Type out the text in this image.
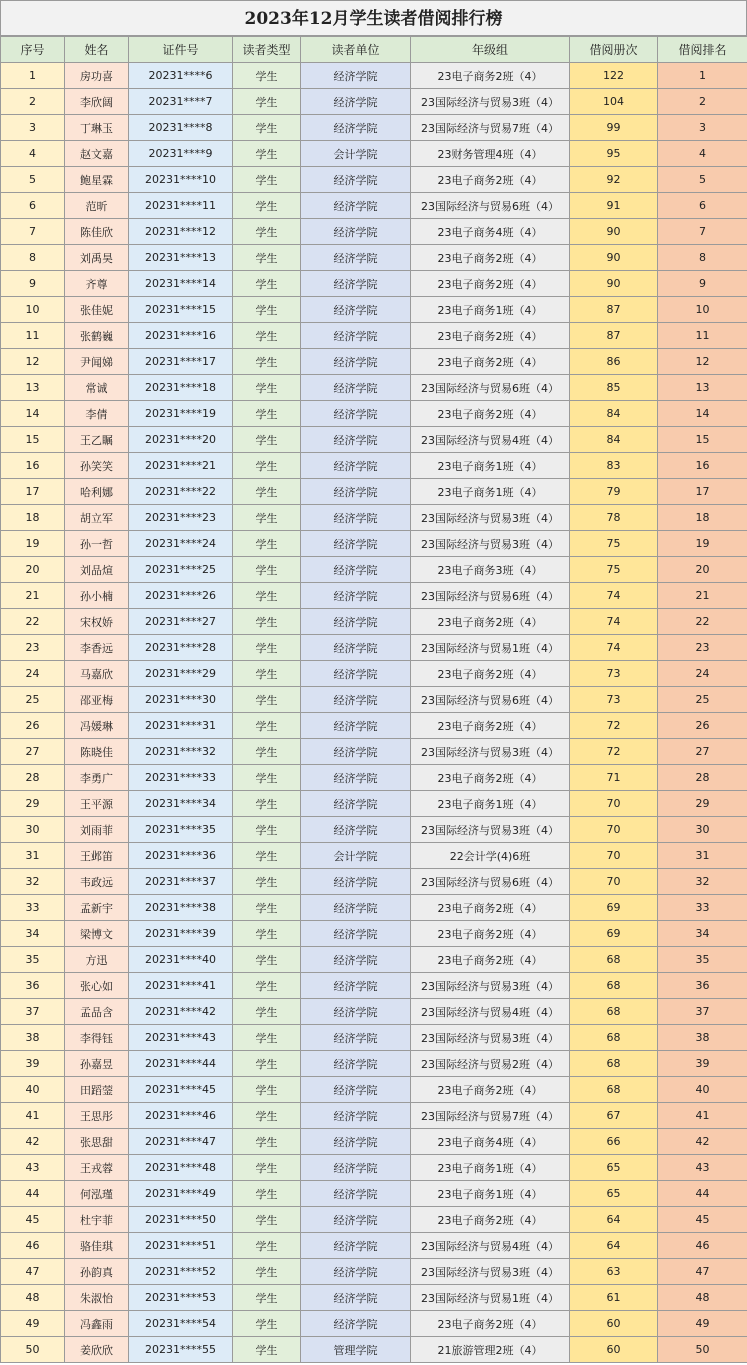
2023年12月学生读者借阅排行榜
序号	姓名	证件号	读者类型	读者单位	年级组	借阅册次	借阅排名
1	房功喜	20231****6	学生	经济学院	23电子商务2班（4）	122	1
2	李欣阔	20231****7	学生	经济学院	23国际经济与贸易3班（4）	104	2
3	丁琳玉	20231****8	学生	经济学院	23国际经济与贸易7班（4）	99	3
4	赵文嘉	20231****9	学生	会计学院	23财务管理4班（4）	95	4
5	鲍星霖	20231****10	学生	经济学院	23电子商务2班（4）	92	5
6	范昕	20231****11	学生	经济学院	23国际经济与贸易6班（4）	91	6
7	陈佳欣	20231****12	学生	经济学院	23电子商务4班（4）	90	7
8	刘禹昊	20231****13	学生	经济学院	23电子商务2班（4）	90	8
9	齐尊	20231****14	学生	经济学院	23电子商务2班（4）	90	9
10	张佳妮	20231****15	学生	经济学院	23电子商务1班（4）	87	10
11	张鹤巍	20231****16	学生	经济学院	23电子商务2班（4）	87	11
12	尹闻娣	20231****17	学生	经济学院	23电子商务2班（4）	86	12
13	常诚	20231****18	学生	经济学院	23国际经济与贸易6班（4）	85	13
14	李倩	20231****19	学生	经济学院	23电子商务2班（4）	84	14
15	王乙瞩	20231****20	学生	经济学院	23国际经济与贸易4班（4）	84	15
16	孙笑笑	20231****21	学生	经济学院	23电子商务1班（4）	83	16
17	哈利娜	20231****22	学生	经济学院	23电子商务1班（4）	79	17
18	胡立军	20231****23	学生	经济学院	23国际经济与贸易3班（4）	78	18
19	孙一哲	20231****24	学生	经济学院	23国际经济与贸易3班（4）	75	19
20	刘品煊	20231****25	学生	经济学院	23电子商务3班（4）	75	20
21	孙小楠	20231****26	学生	经济学院	23国际经济与贸易6班（4）	74	21
22	宋权娇	20231****27	学生	经济学院	23电子商务2班（4）	74	22
23	李香远	20231****28	学生	经济学院	23国际经济与贸易1班（4）	74	23
24	马嘉欣	20231****29	学生	经济学院	23电子商务2班（4）	73	24
25	邵亚梅	20231****30	学生	经济学院	23国际经济与贸易6班（4）	73	25
26	冯媛琳	20231****31	学生	经济学院	23电子商务2班（4）	72	26
27	陈晓佳	20231****32	学生	经济学院	23国际经济与贸易3班（4）	72	27
28	李勇广	20231****33	学生	经济学院	23电子商务2班（4）	71	28
29	王平源	20231****34	学生	经济学院	23电子商务1班（4）	70	29
30	刘雨菲	20231****35	学生	经济学院	23国际经济与贸易3班（4）	70	30
31	王邺笛	20231****36	学生	会计学院	22会计学(4)6班	70	31
32	韦政远	20231****37	学生	经济学院	23国际经济与贸易6班（4）	70	32
33	孟新宇	20231****38	学生	经济学院	23电子商务2班（4）	69	33
34	梁博文	20231****39	学生	经济学院	23电子商务2班（4）	69	34
35	方迅	20231****40	学生	经济学院	23电子商务2班（4）	68	35
36	张心如	20231****41	学生	经济学院	23国际经济与贸易3班（4）	68	36
37	孟品含	20231****42	学生	经济学院	23国际经济与贸易4班（4）	68	37
38	李得钰	20231****43	学生	经济学院	23国际经济与贸易3班（4）	68	38
39	孙嘉昱	20231****44	学生	经济学院	23国际经济与贸易2班（4）	68	39
40	田蹈蓥	20231****45	学生	经济学院	23电子商务2班（4）	68	40
41	王思彤	20231****46	学生	经济学院	23国际经济与贸易7班（4）	67	41
42	张思甜	20231****47	学生	经济学院	23电子商务4班（4）	66	42
43	王戎蓉	20231****48	学生	经济学院	23电子商务1班（4）	65	43
44	何泓瑾	20231****49	学生	经济学院	23电子商务1班（4）	65	44
45	杜宇菲	20231****50	学生	经济学院	23电子商务2班（4）	64	45
46	骆佳琪	20231****51	学生	经济学院	23国际经济与贸易4班（4）	64	46
47	孙韵真	20231****52	学生	经济学院	23国际经济与贸易3班（4）	63	47
48	朱淑怡	20231****53	学生	经济学院	23国际经济与贸易1班（4）	61	48
49	冯鑫雨	20231****54	学生	经济学院	23电子商务2班（4）	60	49
50	姜欣欣	20231****55	学生	管理学院	21旅游管理2班（4）	60	50
